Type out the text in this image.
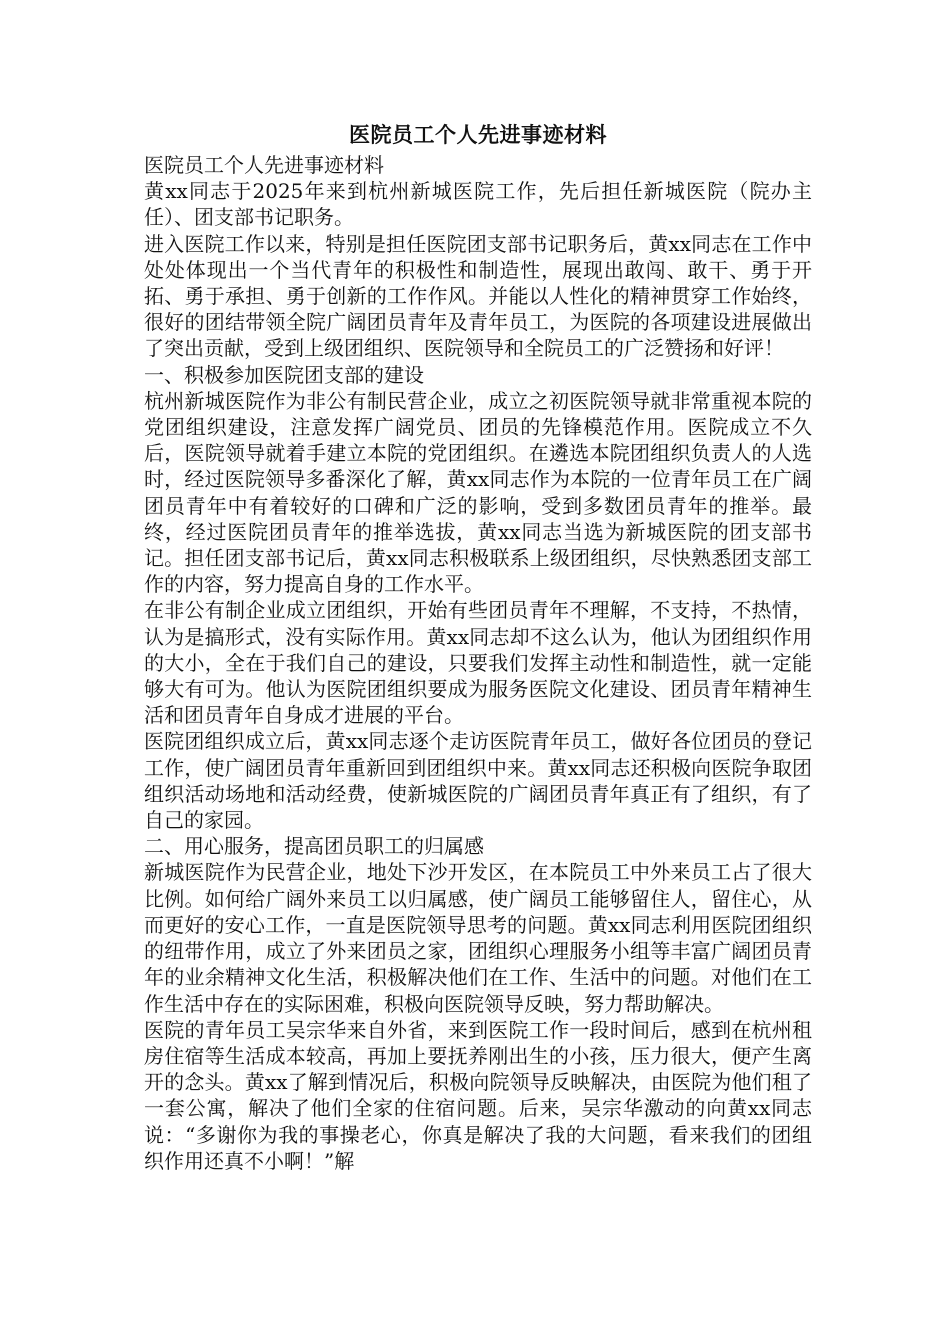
医院员工个人先进事迹材料

医院员工个人先进事迹材料

黄xx同志于2025年来到杭州新城医院工作，先后担任新城医院（院办主任）、团支部书记职务。

进入医院工作以来，特别是担任医院团支部书记职务后，黄xx同志在工作中处处体现出一个当代青年的积极性和制造性，展现出敢闯、敢干、勇于开拓、勇于承担、勇于创新的工作作风。并能以人性化的精神贯穿工作始终，很好的团结带领全院广阔团员青年及青年员工，为医院的各项建设进展做出了突出贡献，受到上级团组织、医院领导和全院员工的广泛赞扬和好评！

一、积极参加医院团支部的建设

杭州新城医院作为非公有制民营企业，成立之初医院领导就非常重视本院的党团组织建设，注意发挥广阔党员、团员的先锋模范作用。医院成立不久后，医院领导就着手建立本院的党团组织。在遴选本院团组织负责人的人选时，经过医院领导多番深化了解，黄xx同志作为本院的一位青年员工在广阔团员青年中有着较好的口碑和广泛的影响，受到多数团员青年的推举。最终，经过医院团员青年的推举选拔，黄xx同志当选为新城医院的团支部书记。担任团支部书记后，黄xx同志积极联系上级团组织，尽快熟悉团支部工作的内容，努力提高自身的工作水平。

在非公有制企业成立团组织，开始有些团员青年不理解，不支持，不热情，认为是搞形式，没有实际作用。黄xx同志却不这么认为，他认为团组织作用的大小，全在于我们自己的建设，只要我们发挥主动性和制造性，就一定能够大有可为。他认为医院团组织要成为服务医院文化建设、团员青年精神生活和团员青年自身成才进展的平台。

医院团组织成立后，黄xx同志逐个走访医院青年员工，做好各位团员的登记工作，使广阔团员青年重新回到团组织中来。黄xx同志还积极向医院争取团组织活动场地和活动经费，使新城医院的广阔团员青年真正有了组织，有了自己的家园。

二、用心服务，提高团员职工的归属感

新城医院作为民营企业，地处下沙开发区，在本院员工中外来员工占了很大比例。如何给广阔外来员工以归属感，使广阔员工能够留住人，留住心，从而更好的安心工作，一直是医院领导思考的问题。黄xx同志利用医院团组织的纽带作用，成立了外来团员之家，团组织心理服务小组等丰富广阔团员青年的业余精神文化生活，积极解决他们在工作、生活中的问题。对他们在工作生活中存在的实际困难，积极向医院领导反映，努力帮助解决。

医院的青年员工吴宗华来自外省，来到医院工作一段时间后，感到在杭州租房住宿等生活成本较高，再加上要抚养刚出生的小孩，压力很大，便产生离开的念头。黄xx了解到情况后，积极向院领导反映解决，由医院为他们租了一套公寓，解决了他们全家的住宿问题。后来，吴宗华激动的向黄xx同志说：“多谢你为我的事操老心，你真是解决了我的大问题，看来我们的团组织作用还真不小啊！”解
